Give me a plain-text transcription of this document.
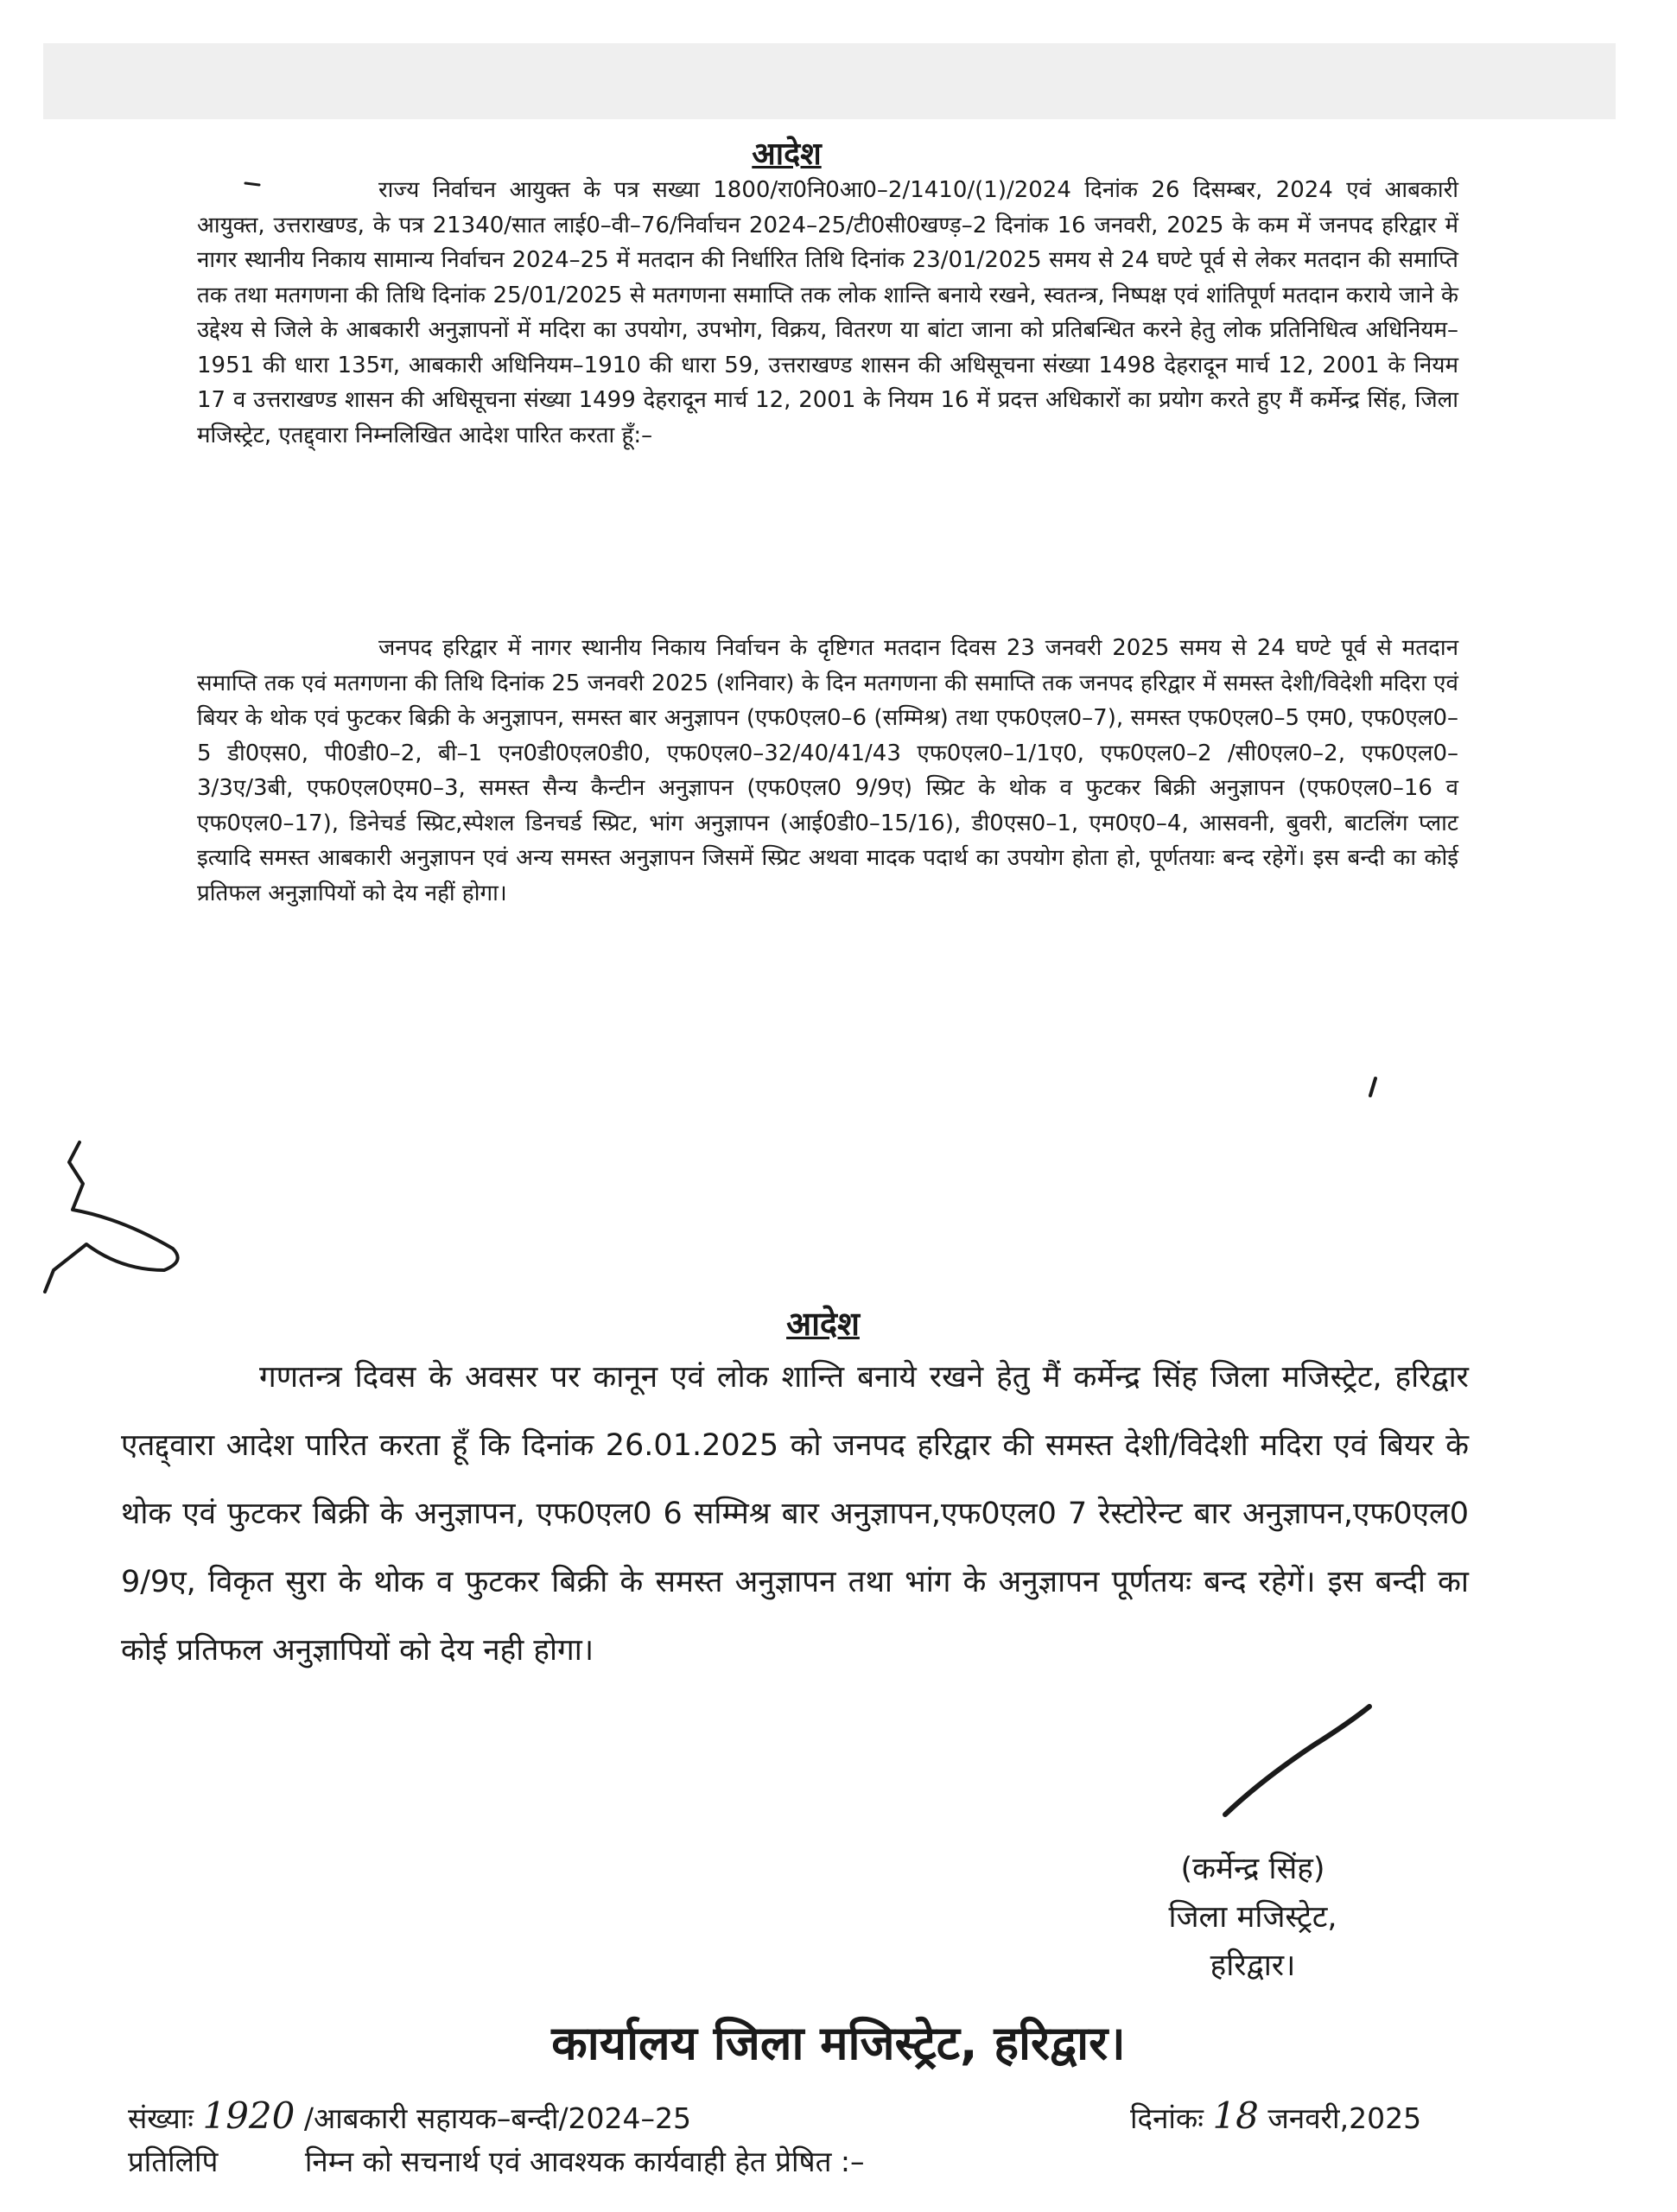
आदेश

राज्य निर्वाचन आयुक्त के पत्र सख्या 1800/रा0नि0आ0–2/1410/(1)/2024 दिनांक 26 दिसम्बर, 2024 एवं आबकारी आयुक्त, उत्तराखण्ड, के पत्र 21340/सात लाई0–वी–76/निर्वाचन 2024–25/टी0सी0खण्ड़–2 दिनांक 16 जनवरी, 2025 के कम में जनपद हरिद्वार में नागर स्थानीय निकाय सामान्य निर्वाचन 2024–25 में मतदान की निर्धारित तिथि दिनांक 23/01/2025 समय से 24 घण्टे पूर्व से लेकर मतदान की समाप्ति तक तथा मतगणना की तिथि दिनांक 25/01/2025 से मतगणना समाप्ति तक लोक शान्ति बनाये रखने, स्वतन्त्र, निष्पक्ष एवं शांतिपूर्ण मतदान कराये जाने के उद्देश्य से जिले के आबकारी अनुज्ञापनों में मदिरा का उपयोग, उपभोग, विक्रय, वितरण या बांटा जाना को प्रतिबन्धित करने हेतु लोक प्रतिनिधित्व अधिनियम–1951 की धारा 135ग, आबकारी अधिनियम–1910 की धारा 59, उत्तराखण्ड शासन की अधिसूचना संख्या 1498 देहरादून मार्च 12, 2001 के नियम 17 व उत्तराखण्ड शासन की अधिसूचना संख्या 1499 देहरादून मार्च 12, 2001 के नियम 16 में प्रदत्त अधिकारों का प्रयोग करते हुए मैं कर्मेन्द्र सिंह, जिला मजिस्ट्रेट, एतद्द्वारा निम्नलिखित आदेश पारित करता हूँ:–

जनपद हरिद्वार में नागर स्थानीय निकाय निर्वाचन के दृष्टिगत मतदान दिवस 23 जनवरी 2025 समय से 24 घण्टे पूर्व से मतदान समाप्ति तक एवं मतगणना की तिथि दिनांक 25 जनवरी 2025 (शनिवार) के दिन मतगणना की समाप्ति तक जनपद हरिद्वार में समस्त देशी/विदेशी मदिरा एवं बियर के थोक एवं फुटकर बिक्री के अनुज्ञापन, समस्त बार अनुज्ञापन (एफ0एल0–6 (सम्मिश्र) तथा एफ0एल0–7), समस्त एफ0एल0–5 एम0, एफ0एल0–5 डी0एस0, पी0डी0–2, बी–1 एन0डी0एल0डी0, एफ0एल0–32/40/41/43 एफ0एल0–1/1ए0, एफ0एल0–2 /सी0एल0–2, एफ0एल0– 3/3ए/3बी, एफ0एल0एम0–3, समस्त सैन्य कैन्टीन अनुज्ञापन (एफ0एल0 9/9ए) स्प्रिट के थोक व फुटकर बिक्री अनुज्ञापन (एफ0एल0–16 व एफ0एल0–17), डिनेचर्ड स्प्रिट,स्पेशल डिनचर्ड स्प्रिट, भांग अनुज्ञापन (आई0डी0–15/16), डी0एस0–1, एम0ए0–4, आसवनी, बुवरी, बाटलिंग प्लाट इत्यादि समस्त आबकारी अनुज्ञापन एवं अन्य समस्त अनुज्ञापन जिसमें स्प्रिट अथवा मादक पदार्थ का उपयोग होता हो, पूर्णतयाः बन्द रहेगें। इस बन्दी का कोई प्रतिफल अनुज्ञापियों को देय नहीं होगा।

आदेश

गणतन्त्र दिवस के अवसर पर कानून एवं लोक शान्ति बनाये रखने हेतु मैं कर्मेन्द्र सिंह जिला मजिस्ट्रेट, हरिद्वार एतद्द्वारा आदेश पारित करता हूँ कि दिनांक 26.01.2025 को जनपद हरिद्वार की समस्त देशी/विदेशी मदिरा एवं बियर के थोक एवं फुटकर बिक्री के अनुज्ञापन, एफ0एल0 6 सम्मिश्र बार अनुज्ञापन,एफ0एल0 7 रेस्टोरेन्ट बार अनुज्ञापन,एफ0एल0 9/9ए, विकृत सुरा के थोक व फुटकर बिक्री के समस्त अनुज्ञापन तथा भांग के अनुज्ञापन पूर्णतयः बन्द रहेगें। इस बन्दी का कोई प्रतिफल अनुज्ञापियों को देय नही होगा।

(कर्मेन्द्र सिंह)
जिला मजिस्ट्रेट,
हरिद्वार।
कार्यालय जिला मजिस्ट्रेट, हरिद्वार।
संख्याः 1920 /आबकारी सहायक–बन्दी/2024–25	दिनांकः 18 जनवरी,2025
प्रतिलिपि	निम्न को सचनार्थ एवं आवश्यक कार्यवाही हेत प्रेषित :–
